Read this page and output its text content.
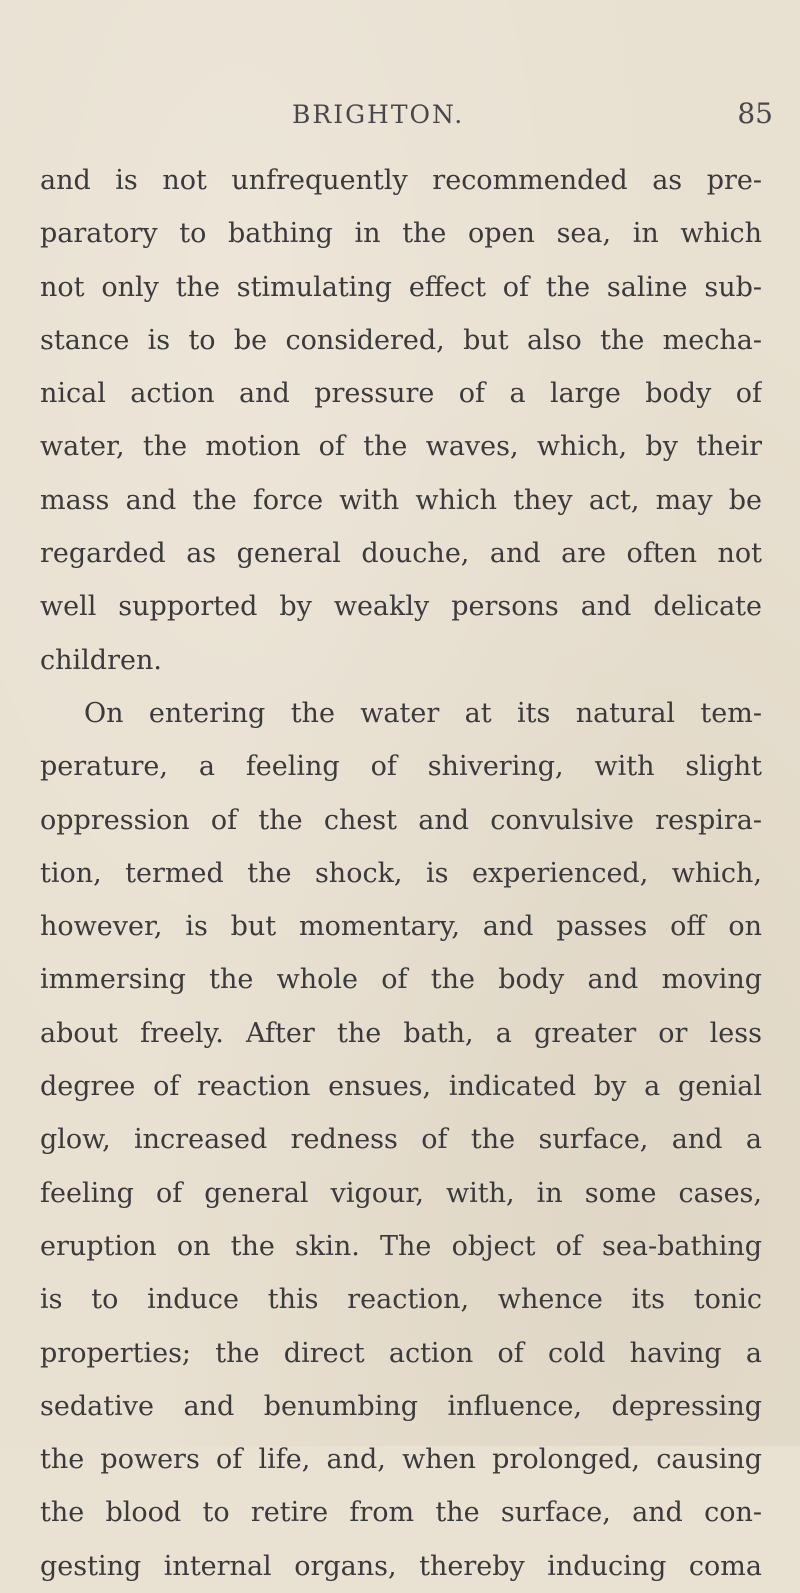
BRIGHTON.	85
and is not unfrequently recommended as pre-
paratory to bathing in the open sea, in which
not only the stimulating effect of the saline sub-
stance is to be considered, but also the mecha-
nical action and pressure of a large body of
water, the motion of the waves, which, by their
mass and the force with which they act, may be
regarded as general douche, and are often not
well supported by weakly persons and delicate
children.
On entering the water at its natural tem-
perature, a feeling of shivering, with slight
oppression of the chest and convulsive respira-
tion, termed the shock, is experienced, which,
however, is but momentary, and passes off on
immersing the whole of the body and moving
about freely. After the bath, a greater or less
degree of reaction ensues, indicated by a genial
glow, increased redness of the surface, and a
feeling of general vigour, with, in some cases,
eruption on the skin. The object of sea-bathing
is to induce this reaction, whence its tonic
properties; the direct action of cold having a
sedative and benumbing influence, depressing
the powers of life, and, when prolonged, causing
the blood to retire from the surface, and con-
gesting internal organs, thereby inducing coma
